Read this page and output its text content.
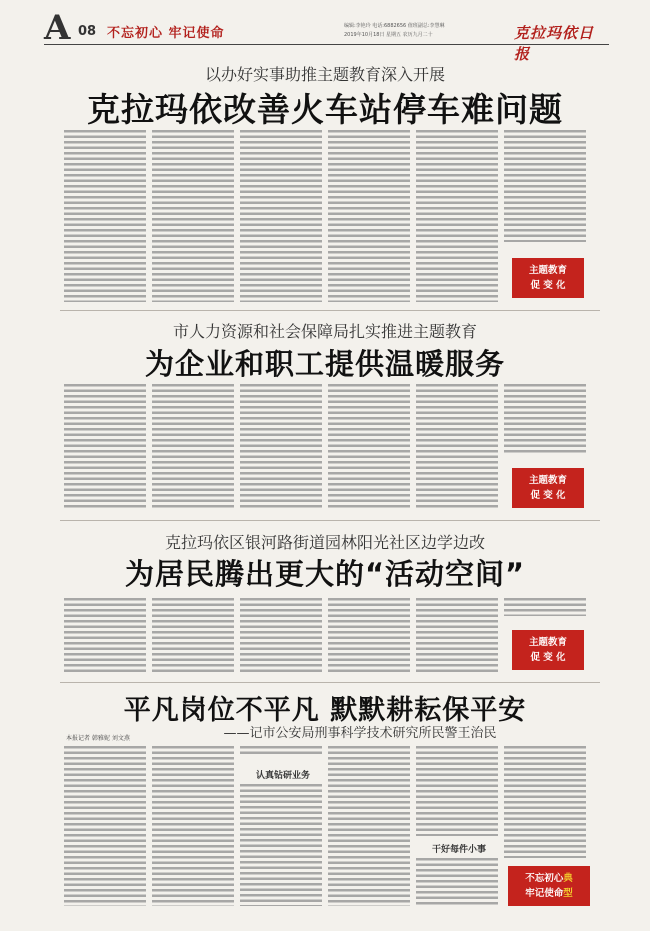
A 08 不忘初心 牢记使命	编辑:李艳玲 电话:6882656 值班副总:李慧琳
2019年10月18日 星期五 农历九月二十	克拉玛依日报
以办好实事助推主题教育深入开展
克拉玛依改善火车站停车难问题
主题教育
促 变 化
市人力资源和社会保障局扎实推进主题教育
为企业和职工提供温暖服务
主题教育
促 变 化
克拉玛依区银河路街道园林阳光社区边学边改
为居民腾出更大的“活动空间”
主题教育
促 变 化
平凡岗位不平凡 默默耕耘保平安
——记市公安局刑事科学技术研究所民警王治民
本报记者 韩雅妮 刘文燕
认真钻研业务
干好每件小事
不忘初心典
牢记使命型
